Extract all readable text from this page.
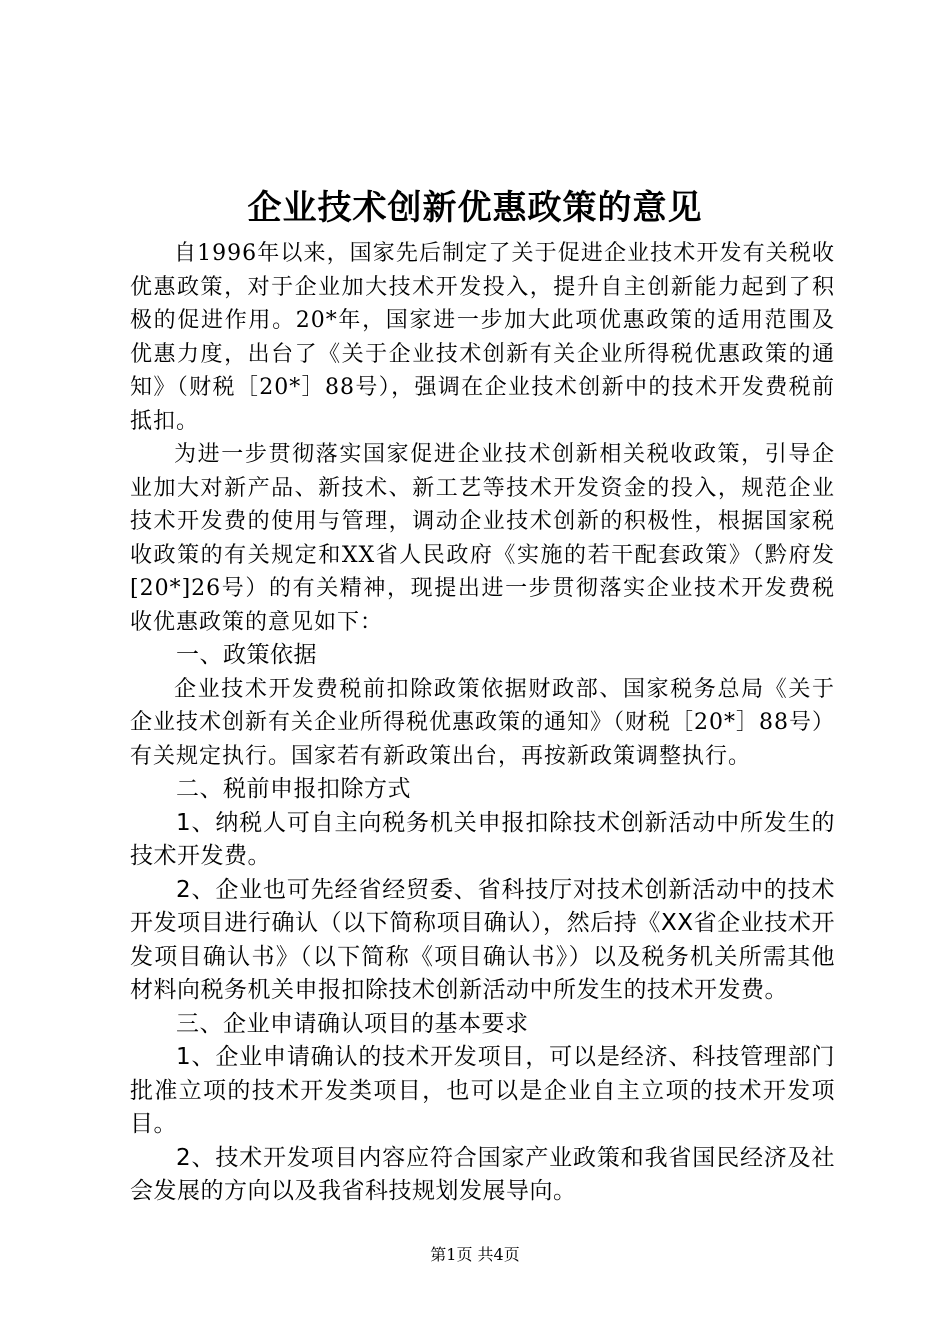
企业技术创新优惠政策的意见

自1996年以来，国家先后制定了关于促进企业技术开发有关税收优惠政策，对于企业加大技术开发投入，提升自主创新能力起到了积极的促进作用。20*年，国家进一步加大此项优惠政策的适用范围及优惠力度，出台了《关于企业技术创新有关企业所得税优惠政策的通知》（财税［20*］88号），强调在企业技术创新中的技术开发费税前抵扣。

为进一步贯彻落实国家促进企业技术创新相关税收政策，引导企业加大对新产品、新技术、新工艺等技术开发资金的投入，规范企业技术开发费的使用与管理，调动企业技术创新的积极性，根据国家税收政策的有关规定和XX省人民政府《实施的若干配套政策》（黔府发[20*]26号）的有关精神，现提出进一步贯彻落实企业技术开发费税收优惠政策的意见如下：

一、政策依据

企业技术开发费税前扣除政策依据财政部、国家税务总局《关于企业技术创新有关企业所得税优惠政策的通知》（财税［20*］88号）有关规定执行。国家若有新政策出台，再按新政策调整执行。

二、税前申报扣除方式

1、纳税人可自主向税务机关申报扣除技术创新活动中所发生的技术开发费。

2、企业也可先经省经贸委、省科技厅对技术创新活动中的技术开发项目进行确认（以下简称项目确认），然后持《XX省企业技术开发项目确认书》（以下简称《项目确认书》）以及税务机关所需其他材料向税务机关申报扣除技术创新活动中所发生的技术开发费。

三、企业申请确认项目的基本要求

1、企业申请确认的技术开发项目，可以是经济、科技管理部门批准立项的技术开发类项目，也可以是企业自主立项的技术开发项目。

2、技术开发项目内容应符合国家产业政策和我省国民经济及社会发展的方向以及我省科技规划发展导向。

第1页 共4页
